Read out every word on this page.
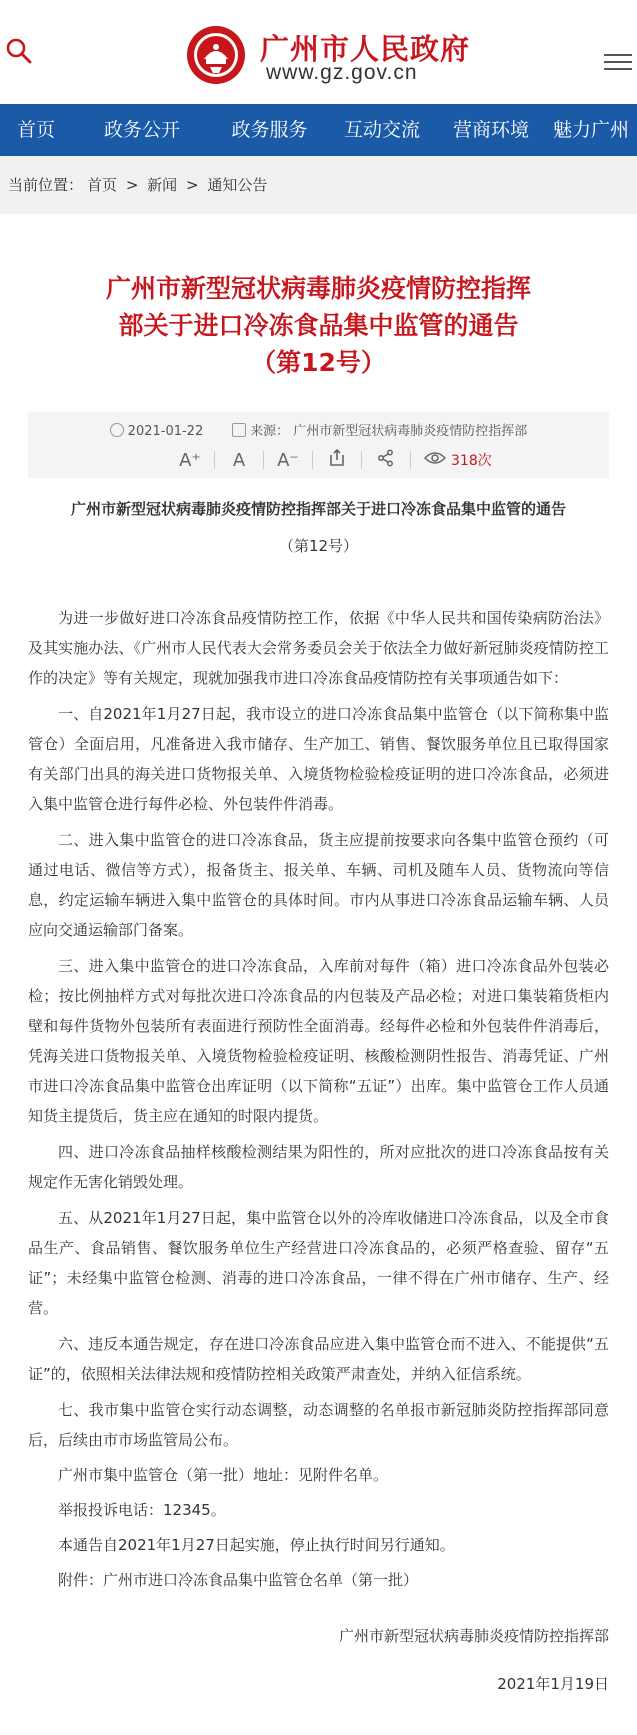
广州市人民政府
www.gz.gov.cn
首页	政务公开	政务服务	互动交流	营商环境	魅力广州
当前位置： 首页 > 新闻 > 通知公告
广州市新型冠状病毒肺炎疫情防控指挥
部关于进口冷冻食品集中监管的通告
（第12号）
2021-01-22	来源： 广州市新型冠状病毒肺炎疫情防控指挥部
A⁺	A	A⁻	318次
广州市新型冠状病毒肺炎疫情防控指挥部关于进口冷冻食品集中监管的通告
（第12号）

为进一步做好进口冷冻食品疫情防控工作，依据《中华人民共和国传染病防治法》及其实施办法、《广州市人民代表大会常务委员会关于依法全力做好新冠肺炎疫情防控工作的决定》等有关规定，现就加强我市进口冷冻食品疫情防控有关事项通告如下：

一、自2021年1月27日起，我市设立的进口冷冻食品集中监管仓（以下简称集中监管仓）全面启用，凡准备进入我市储存、生产加工、销售、餐饮服务单位且已取得国家有关部门出具的海关进口货物报关单、入境货物检验检疫证明的进口冷冻食品，必须进入集中监管仓进行每件必检、外包装件件消毒。

二、进入集中监管仓的进口冷冻食品，货主应提前按要求向各集中监管仓预约（可通过电话、微信等方式），报备货主、报关单、车辆、司机及随车人员、货物流向等信息，约定运输车辆进入集中监管仓的具体时间。市内从事进口冷冻食品运输车辆、人员应向交通运输部门备案。

三、进入集中监管仓的进口冷冻食品，入库前对每件（箱）进口冷冻食品外包装必检；按比例抽样方式对每批次进口冷冻食品的内包装及产品必检；对进口集装箱货柜内壁和每件货物外包装所有表面进行预防性全面消毒。经每件必检和外包装件件消毒后，凭海关进口货物报关单、入境货物检验检疫证明、核酸检测阴性报告、消毒凭证、广州市进口冷冻食品集中监管仓出库证明（以下简称“五证”）出库。集中监管仓工作人员通知货主提货后，货主应在通知的时限内提货。

四、进口冷冻食品抽样核酸检测结果为阳性的，所对应批次的进口冷冻食品按有关规定作无害化销毁处理。

五、从2021年1月27日起，集中监管仓以外的冷库收储进口冷冻食品，以及全市食品生产、食品销售、餐饮服务单位生产经营进口冷冻食品的，必须严格查验、留存“五证”；未经集中监管仓检测、消毒的进口冷冻食品，一律不得在广州市储存、生产、经营。

六、违反本通告规定，存在进口冷冻食品应进入集中监管仓而不进入、不能提供“五证”的，依照相关法律法规和疫情防控相关政策严肃查处，并纳入征信系统。

七、我市集中监管仓实行动态调整，动态调整的名单报市新冠肺炎防控指挥部同意后，后续由市市场监管局公布。

广州市集中监管仓（第一批）地址：见附件名单。

举报投诉电话：12345。

本通告自2021年1月27日起实施，停止执行时间另行通知。

附件：广州市进口冷冻食品集中监管仓名单（第一批）

广州市新型冠状病毒肺炎疫情防控指挥部
2021年1月19日
